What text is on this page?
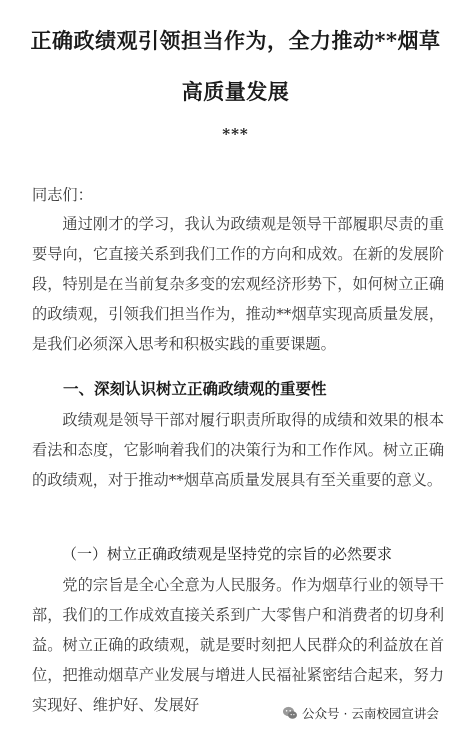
正确政绩观引领担当作为，全力推动**烟草
高质量发展
***
同志们：
通过刚才的学习，我认为政绩观是领导干部履职尽责的重要导向，它直接关系到我们工作的方向和成效。在新的发展阶段，特别是在当前复杂多变的宏观经济形势下，如何树立正确的政绩观，引领我们担当作为，推动**烟草实现高质量发展，是我们必须深入思考和积极实践的重要课题。
一、深刻认识树立正确政绩观的重要性
政绩观是领导干部对履行职责所取得的成绩和效果的根本看法和态度，它影响着我们的决策行为和工作作风。树立正确的政绩观，对于推动**烟草高质量发展具有至关重要的意义。
（一）树立正确政绩观是坚持党的宗旨的必然要求
党的宗旨是全心全意为人民服务。作为烟草行业的领导干部，我们的工作成效直接关系到广大零售户和消费者的切身利益。树立正确的政绩观，就是要时刻把人民群众的利益放在首位，把推动烟草产业发展与增进人民福祉紧密结合起来，努力实现好、维护好、发展好	公众号 · 云南校园宣讲会
